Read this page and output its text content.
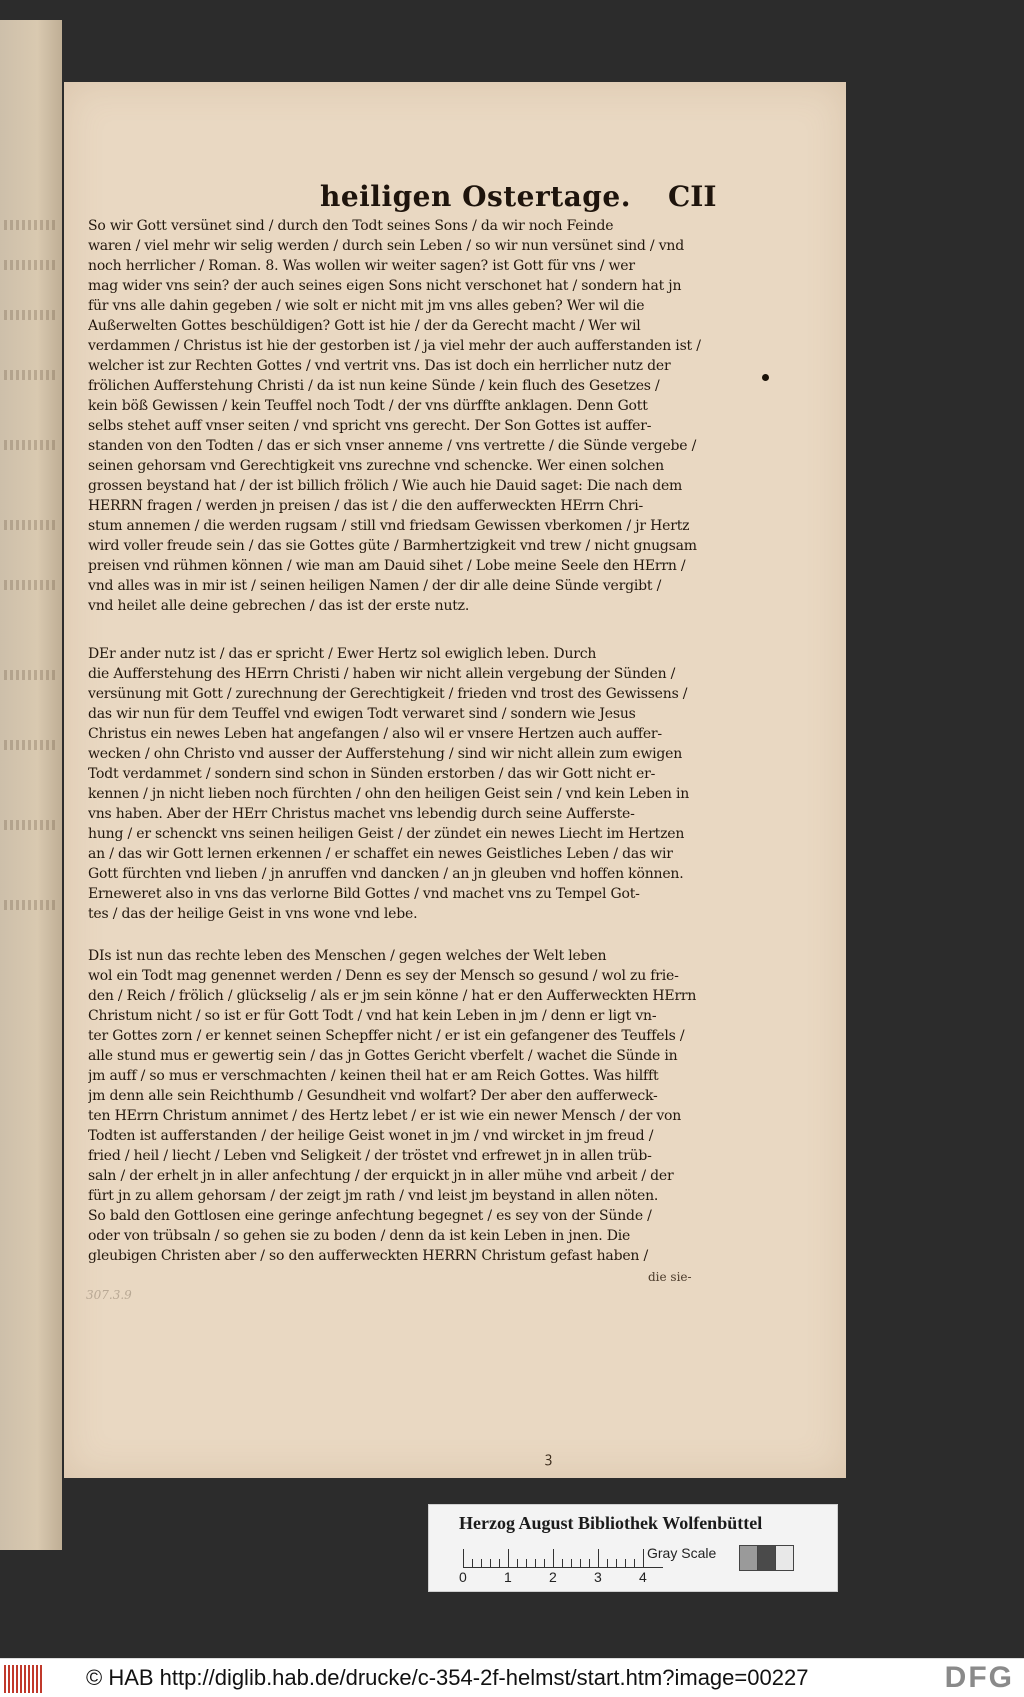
heiligen Ostertage. CII
So wir Gott versünet sind / durch den Todt seines Sons / da wir noch Feinde
waren / viel mehr wir selig werden / durch sein Leben / so wir nun versünet sind / vnd
noch herrlicher / Roman. 8. Was wollen wir weiter sagen? ist Gott für vns / wer
mag wider vns sein? der auch seines eigen Sons nicht verschonet hat / sondern hat jn
für vns alle dahin gegeben / wie solt er nicht mit jm vns alles geben? Wer wil die
Außerwelten Gottes beschüldigen? Gott ist hie / der da Gerecht macht / Wer wil
verdammen / Christus ist hie der gestorben ist / ja viel mehr der auch aufferstanden ist /
welcher ist zur Rechten Gottes / vnd vertrit vns. Das ist doch ein herrlicher nutz der
frölichen Aufferstehung Christi / da ist nun keine Sünde / kein fluch des Gesetzes /
kein böß Gewissen / kein Teuffel noch Todt / der vns dürffte anklagen. Denn Gott
selbs stehet auff vnser seiten / vnd spricht vns gerecht. Der Son Gottes ist auffer-
standen von den Todten / das er sich vnser anneme / vns vertrette / die Sünde vergebe /
seinen gehorsam vnd Gerechtigkeit vns zurechne vnd schencke. Wer einen solchen
grossen beystand hat / der ist billich frölich / Wie auch hie Dauid saget: Die nach dem
HERRN fragen / werden jn preisen / das ist / die den aufferweckten HErrn Chri-
stum annemen / die werden rugsam / still vnd friedsam Gewissen vberkomen / jr Hertz
wird voller freude sein / das sie Gottes güte / Barmhertzigkeit vnd trew / nicht gnugsam
preisen vnd rühmen können / wie man am Dauid sihet / Lobe meine Seele den HErrn /
vnd alles was in mir ist / seinen heiligen Namen / der dir alle deine Sünde vergibt /
vnd heilet alle deine gebrechen / das ist der erste nutz.
DEr ander nutz ist / das er spricht / Ewer Hertz sol ewiglich leben. Durch
die Aufferstehung des HErrn Christi / haben wir nicht allein vergebung der Sünden /
versünung mit Gott / zurechnung der Gerechtigkeit / frieden vnd trost des Gewissens /
das wir nun für dem Teuffel vnd ewigen Todt verwaret sind / sondern wie Jesus
Christus ein newes Leben hat angefangen / also wil er vnsere Hertzen auch auffer-
wecken / ohn Christo vnd ausser der Aufferstehung / sind wir nicht allein zum ewigen
Todt verdammet / sondern sind schon in Sünden erstorben / das wir Gott nicht er-
kennen / jn nicht lieben noch fürchten / ohn den heiligen Geist sein / vnd kein Leben in
vns haben. Aber der HErr Christus machet vns lebendig durch seine Aufferste-
hung / er schenckt vns seinen heiligen Geist / der zündet ein newes Liecht im Hertzen
an / das wir Gott lernen erkennen / er schaffet ein newes Geistliches Leben / das wir
Gott fürchten vnd lieben / jn anruffen vnd dancken / an jn gleuben vnd hoffen können.
Erneweret also in vns das verlorne Bild Gottes / vnd machet vns zu Tempel Got-
tes / das der heilige Geist in vns wone vnd lebe.
DIs ist nun das rechte leben des Menschen / gegen welches der Welt leben
wol ein Todt mag genennet werden / Denn es sey der Mensch so gesund / wol zu frie-
den / Reich / frölich / glückselig / als er jm sein könne / hat er den Aufferweckten HErrn
Christum nicht / so ist er für Gott Todt / vnd hat kein Leben in jm / denn er ligt vn-
ter Gottes zorn / er kennet seinen Schepffer nicht / er ist ein gefangener des Teuffels /
alle stund mus er gewertig sein / das jn Gottes Gericht vberfelt / wachet die Sünde in
jm auff / so mus er verschmachten / keinen theil hat er am Reich Gottes. Was hilfft
jm denn alle sein Reichthumb / Gesundheit vnd wolfart? Der aber den aufferweck-
ten HErrn Christum annimet / des Hertz lebet / er ist wie ein newer Mensch / der von
Todten ist aufferstanden / der heilige Geist wonet in jm / vnd wircket in jm freud /
fried / heil / liecht / Leben vnd Seligkeit / der tröstet vnd erfrewet jn in allen trüb-
saln / der erhelt jn in aller anfechtung / der erquickt jn in aller mühe vnd arbeit / der
fürt jn zu allem gehorsam / der zeigt jm rath / vnd leist jm beystand in allen nöten.
So bald den Gottlosen eine geringe anfechtung begegnet / es sey von der Sünde /
oder von trübsaln / so gehen sie zu boden / denn da ist kein Leben in jnen. Die
gleubigen Christen aber / so den aufferweckten HERRN Christum gefast haben /
die sie-
307.3.9
ꝫ
Herzog August Bibliothek Wolfenbüttel
0	1	2	3	4
Gray Scale
© HAB http://diglib.hab.de/drucke/c-354-2f-helmst/start.htm?image=00227	DFG
